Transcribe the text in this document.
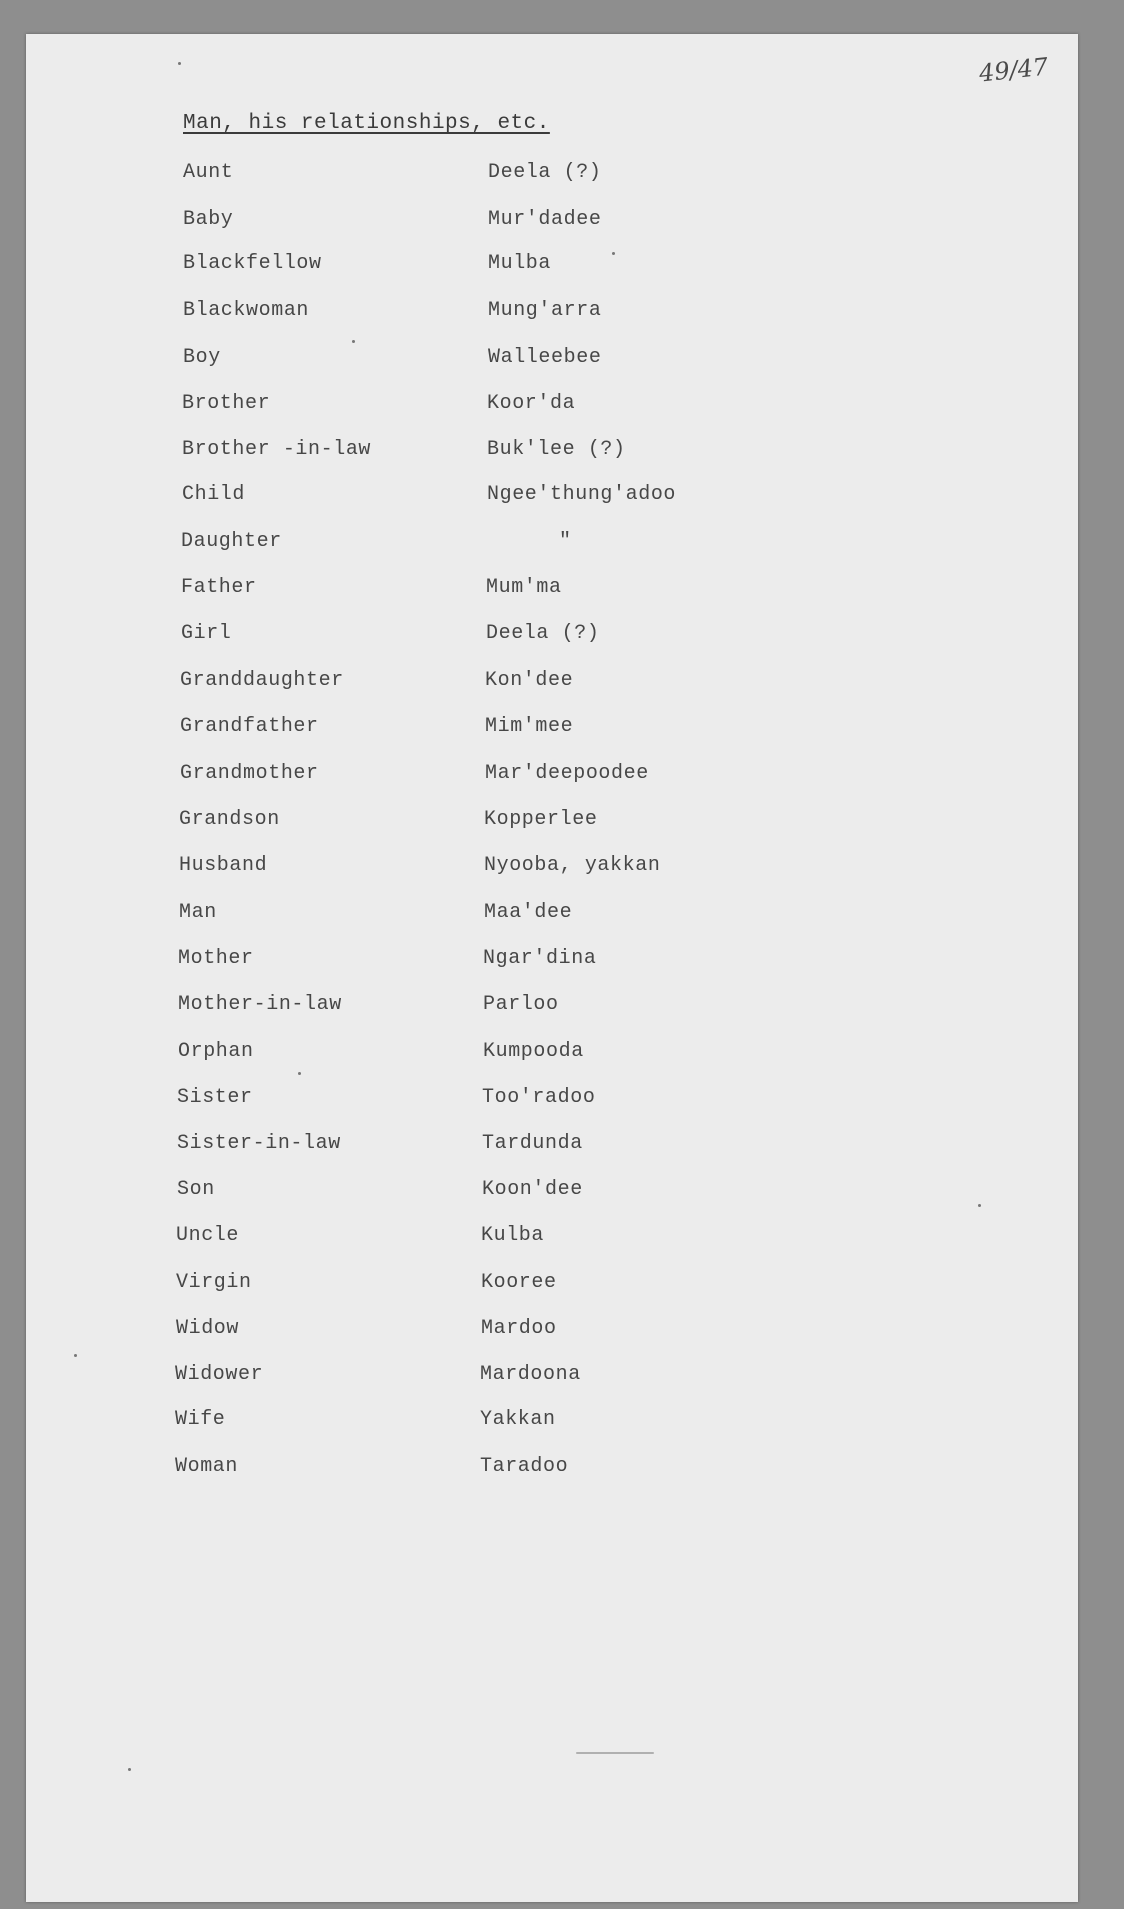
49/47
Man, his relationships, etc.
Aunt	Deela (?)
Baby	Mur'dadee
Blackfellow	Mulba
Blackwoman	Mung'arra
Boy	Walleebee
Brother	Koor'da
Brother -in-law	Buk'lee (?)
Child	Ngee'thung'adoo
Daughter	"
Father	Mum'ma
Girl	Deela (?)
Granddaughter	Kon'dee
Grandfather	Mim'mee
Grandmother	Mar'deepoodee
Grandson	Kopperlee
Husband	Nyooba, yakkan
Man	Maa'dee
Mother	Ngar'dina
Mother-in-law	Parloo
Orphan	Kumpooda
Sister	Too'radoo
Sister-in-law	Tardunda
Son	Koon'dee
Uncle	Kulba
Virgin	Kooree
Widow	Mardoo
Widower	Mardoona
Wife	Yakkan
Woman	Taradoo
